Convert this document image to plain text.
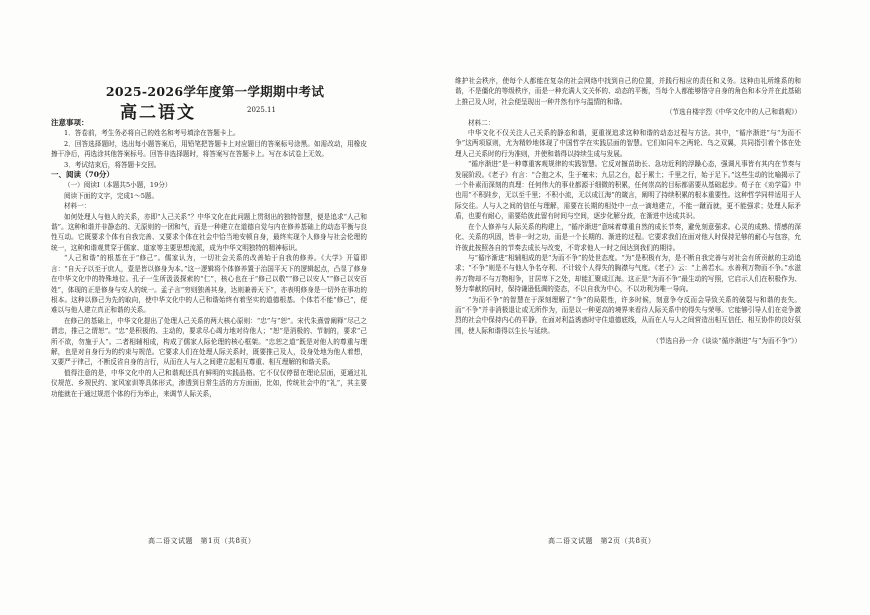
2025-2026学年度第一学期期中考试
高二语文	2025.11

注意事项：

1．答卷前，考生务必将自己的姓名和考号填涂在答题卡上。

2．回答选择题时，选出每小题答案后，用铅笔把答题卡上对应题目的答案标号涂黑。如需改动，用橡皮擦干净后，再选涂其他答案标号。回答非选择题时，将答案写在答题卡上。写在本试卷上无效。

3．考试结束后，将答题卡交回。

一、阅读（70分）

（一）阅读Ⅰ（本题共5小题，19分）

阅读下面的文字，完成1～5题。

材料一：

如何处理人与他人的关系，亦即“人己关系”？中华文化在此问题上贯彻出的独特智慧，便是追求“人己和谐”。这种和谐并非静态的、无原则的一团和气，而是一种建立在道德自觉与内在修养基础上的动态平衡与良性互动。它既要求个体有自我完善、又要求个体在社会中恰当地安顿自身，最终实现个人修身与社会伦理的统一，这种和谐观贯穿于儒家、道家等主要思想流派，成为中华文明独特的精神标识。

“人己和谐”的根基在于“修己”。儒家认为，一切社会关系的改善始于自我的修养。《大学》开篇即言：“自天子以至于庶人，壹是皆以修身为本。”这一逻辑将个体修养置于治国平天下的逻辑起点，凸显了修身在中华文化中的特殊地位。孔子一生所汲汲探索的“仁”，核心也在于“修己以敬”“修己以安人”“修己以安百姓”，体现的正是修身与安人的统一。孟子言“穷则独善其身，达则兼善天下”，亦表明修身是一切外在事功的根本。这种以修己为先的取向，使中华文化中的人己和谐始终有着坚实的道德根基。个体若不能“修己”，便难以与他人建立真正和谐的关系。

在修己的基础上，中华文化提出了处理人己关系的两大核心原则：“忠”与“恕”。宋代朱熹曾阐释“尽己之谓忠，推己之谓恕”。“忠”是积极的、主动的，要求尽心竭力地对待他人；“恕”是消极的、节制的，要求“己所不欲，勿施于人”。二者相辅相成，构成了儒家人际伦理的核心框架。“忠恕之道”既是对他人的尊重与理解，也是对自身行为的约束与规范。它要求人们在处理人际关系时，既要推己及人，设身处地为他人着想，又要严于律己，不断反省自身的言行，从而在人与人之间建立起相互尊重、相互理解的和谐关系。

值得注意的是，中华文化中的人己和谐观还具有鲜明的实践品格。它不仅仅停留在理论层面，更通过礼仪规范、乡规民约、家风家训等具体形式，渗透到日常生活的方方面面，比如，传统社会中的“礼”，其主要功能就在于通过规范个体的行为举止，来调节人际关系，

高二语文试题　第1页（共8页）

维护社会秩序，使每个人都能在复杂的社会网络中找到自己的位置，并践行相应的责任和义务。这种由礼所维系的和谐，不是僵化的等级秩序，而是一种充满人文关怀的、动态的平衡，当每个人都能够恪守自身的角色和本分并在此基础上推己及人时，社会便呈现出一种井然有序与温情的和谐。

（节选自楼宇烈《中华文化中的人己和谐观》）

材料二：

中华文化不仅关注人己关系的静态和谐，更重视追求这种和谐的动态过程与方法。其中，“循序渐进”与“为而不争”这两项原则，尤为精妙地体现了中国哲学在实践层面的智慧。它们如同车之两轮、鸟之双翼，共同指引着个体在处理人己关系时的行为准则，并使和谐得以持续生成与发展。

“循序渐进”是一种尊重客观规律的实践智慧。它反对揠苗助长、急功近利的浮躁心态，强调凡事皆有其内在节奏与发展阶段。《老子》有言：“合抱之木，生于毫末；九层之台，起于累土；千里之行，始于足下。”这些生动的比喻揭示了一个朴素而深刻的真理：任何伟大的事业都源于细微的积累，任何崇高的目标都需要从基础起步。荀子在《劝学篇》中也用“不积跬步，无以至千里；不积小流，无以成江海”的箴言，阐明了持续积累的根本重要性。这种哲学同样适用于人际交往。人与人之间的信任与理解，需要在长期的相处中一点一滴地建立，不能一蹴而就，更不能强求；处理人际矛盾，也要有耐心，需要给彼此留有时间与空间，逐步化解分歧，在渐进中达成共识。

在个人修养与人际关系的构建上，“循序渐进”意味着尊重自然的成长节奏，避免刻意强求。心灵的成熟、情感的深化、关系的巩固，皆非一时之功，而是一个长期的、渐进的过程。它要求我们在面对他人时保持足够的耐心与包容，允许彼此按照各自的节奏去成长与改变，不苛求他人一时之间达到我们的期待。

与“循序渐进”相辅相成的是“为而不争”的处世态度。“为”是积极有为，是不断自我完善与对社会有所贡献的主动追求；“不争”则是不与他人争名夺利、不计较个人得失的胸襟与气度。《老子》云：“上善若水。水善利万物而不争。”水滋养万物却不与万物相争，甘居卑下之处，却能汇聚成江海。这正是“为而不争”最生动的写照，它启示人们在积极作为、努力奉献的同时，保持谦逊低调的姿态，不以自我为中心，不以功利为唯一导向。

“为而不争”的智慧在于深刻理解了“争”的局限性，许多时候，刻意争夺反而会导致关系的破裂与和谐的丧失。而“不争”并非消极退让或无所作为，而是以一种更高的境界来看待人际关系中的得失与荣辱。它能够引导人们在竞争激烈的社会中保持内心的平静，在面对利益诱惑时守住道德底线，从而在人与人之间营造出相互信任、相互协作的良好氛围，使人际和谐得以生长与延续。

（节选自孙一介《谈谈“循序渐进”与“为而不争”》）

高二语文试题　第2页（共8页）
